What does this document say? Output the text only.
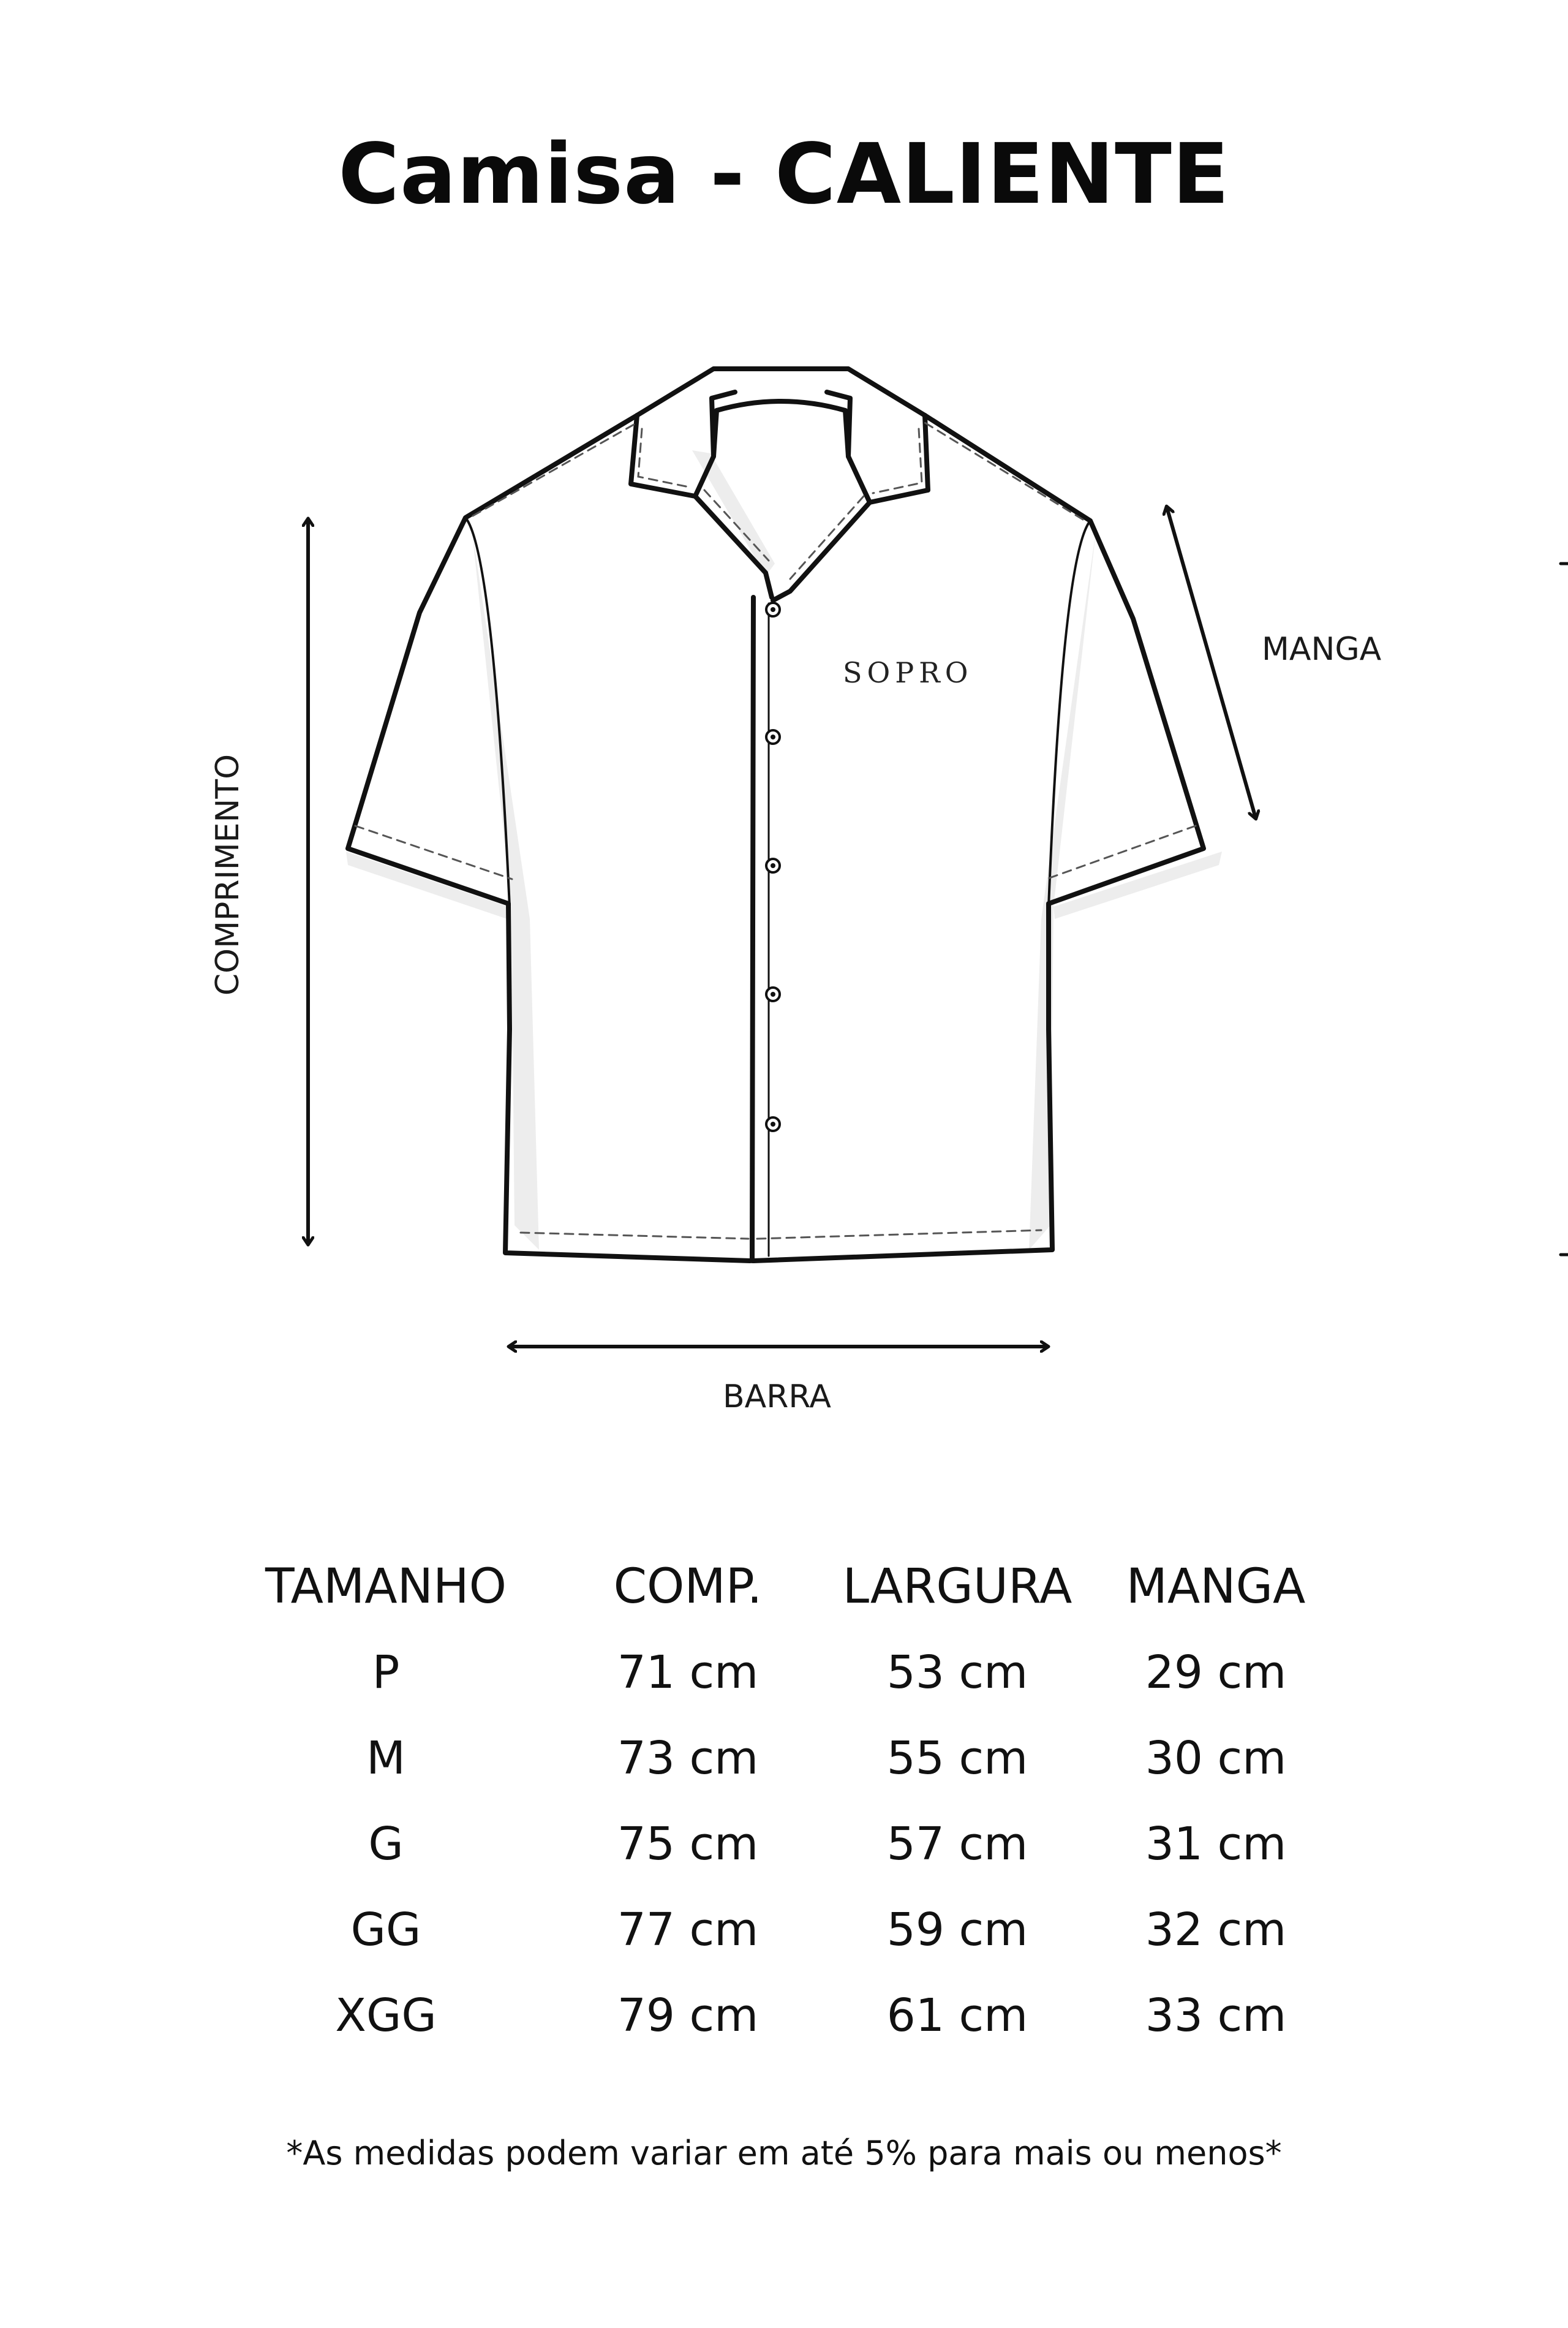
Camisa - CALIENTE
SOPRO
COMPRIMENTO
MANGA
BARRA
TAMANHO	COMP.	LARGURA	MANGA
P	71 cm	53 cm	29 cm
M	73 cm	55 cm	30 cm
G	75 cm	57 cm	31 cm
GG	77 cm	59 cm	32 cm
XGG	79 cm	61 cm	33 cm
*As medidas podem variar em até 5% para mais ou menos*
